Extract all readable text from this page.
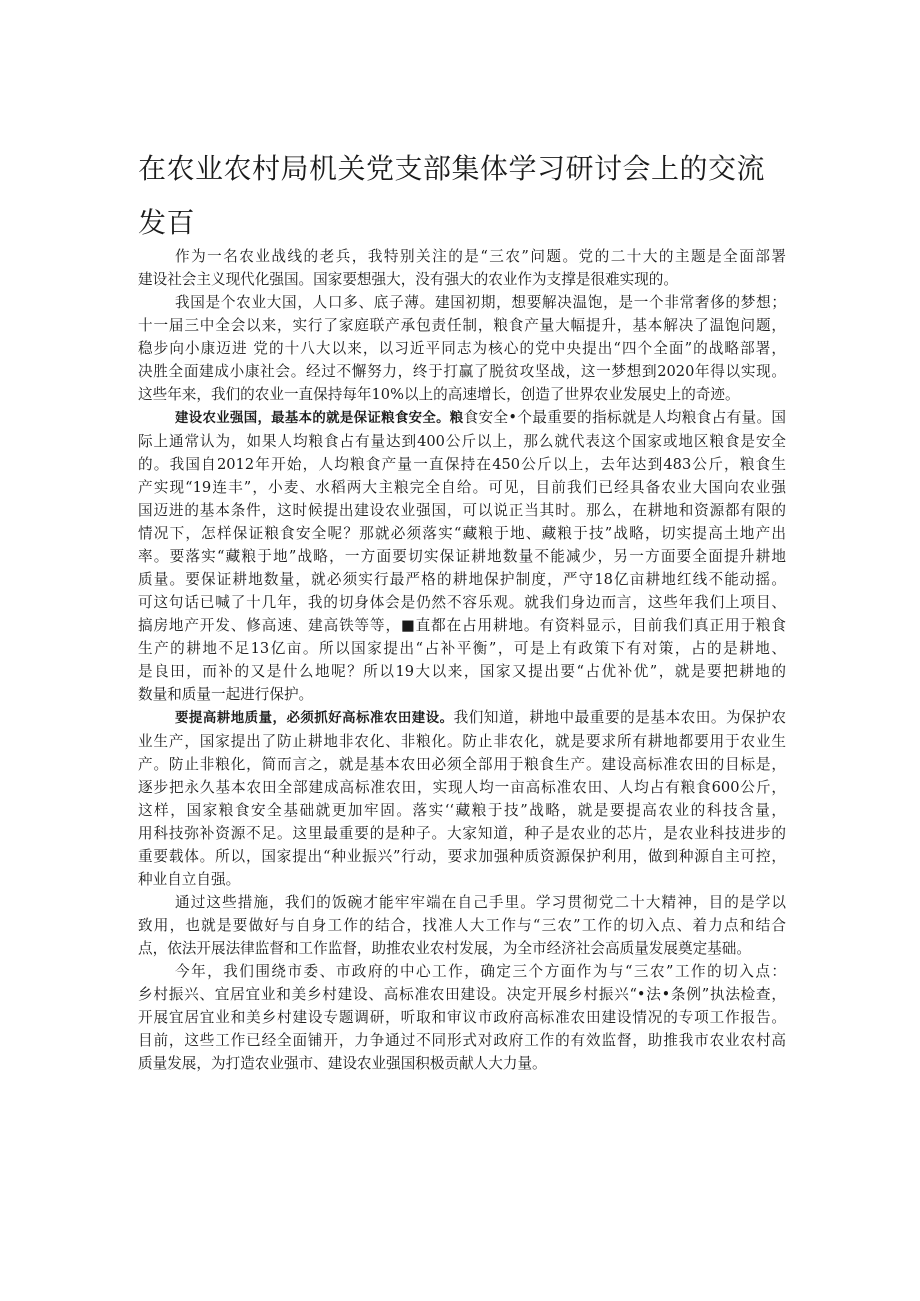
在农业农村局机关党支部集体学习研讨会上的交流
发百

作为一名农业战线的老兵，我特别关注的是“三农”问题。党的二十大的主题是全面部署
建设社会主义现代化强国。国家要想强大，没有强大的农业作为支撑是很难实现的。

我国是个农业大国，人口多、底子薄。建国初期，想要解决温饱，是一个非常奢侈的梦想；
十一届三中全会以来，实行了家庭联产承包责任制，粮食产量大幅提升，基本解决了温饱问题，
稳步向小康迈进 党的十八大以来，以习近平同志为核心的党中央提出“四个全面”的战略部署，
决胜全面建成小康社会。经过不懈努力，终于打赢了脱贫攻坚战，这一梦想到2020年得以实现。
这些年来，我们的农业一直保持每年10%以上的高速增长，创造了世界农业发展史上的奇迹。

建设农业强国，最基本的就是保证粮食安全。粮食安全•个最重要的指标就是人均粮食占有量。国
际上通常认为，如果人均粮食占有量达到400公斤以上，那么就代表这个国家或地区粮食是安全
的。我国自2012年开始，人均粮食产量一直保持在450公斤以上，去年达到483公斤，粮食生
产实现“19连丰”，小麦、水稻两大主粮完全自给。可见，目前我们已经具备农业大国向农业强
国迈进的基本条件，这时候提出建设农业强国，可以说正当其时。那么，在耕地和资源都有限的
情况下，怎样保证粮食安全呢？那就必须落实“藏粮于地、藏粮于技”战略，切实提高土地产出
率。要落实“藏粮于地”战略，一方面要切实保证耕地数量不能减少，另一方面要全面提升耕地
质量。要保证耕地数量，就必须实行最严格的耕地保护制度，严守18亿亩耕地红线不能动摇。
可这句话已喊了十几年，我的切身体会是仍然不容乐观。就我们身边而言，这些年我们上项目、
搞房地产开发、修高速、建高铁等等，■直都在占用耕地。有资料显示，目前我们真正用于粮食
生产的耕地不足13亿亩。所以国家提出“占补平衡”，可是上有政策下有对策，占的是耕地、
是良田，而补的又是什么地呢？所以19大以来，国家又提出要“占优补优”，就是要把耕地的
数量和质量一起进行保护。

要提高耕地质量，必须抓好高标准农田建设。我们知道，耕地中最重要的是基本农田。为保护农
业生产，国家提出了防止耕地非农化、非粮化。防止非农化，就是要求所有耕地都要用于农业生
产。防止非粮化，简而言之，就是基本农田必须全部用于粮食生产。建设高标准农田的目标是，
逐步把永久基本农田全部建成高标准农田，实现人均一亩高标准农田、人均占有粮食600公斤，
这样，国家粮食安全基础就更加牢固。落实‘‘藏粮于技”战略，就是要提高农业的科技含量，
用科技弥补资源不足。这里最重要的是种子。大家知道，种子是农业的芯片，是农业科技进步的
重要载体。所以，国家提出“种业振兴”行动，要求加强种质资源保护利用，做到种源自主可控，
种业自立自强。

通过这些措施，我们的饭碗才能牢牢端在自己手里。学习贯彻党二十大精神，目的是学以
致用，也就是要做好与自身工作的结合，找准人大工作与“三农”工作的切入点、着力点和结合
点，依法开展法律监督和工作监督，助推农业农村发展，为全市经济社会高质量发展奠定基础。

今年，我们围绕市委、市政府的中心工作，确定三个方面作为与“三农”工作的切入点：
乡村振兴、宜居宜业和美乡村建设、高标准农田建设。决定开展乡村振兴“•法•条例”执法检查，
开展宜居宜业和美乡村建设专题调研，听取和审议市政府高标准农田建设情况的专项工作报告。
目前，这些工作已经全面铺开，力争通过不同形式对政府工作的有效监督，助推我市农业农村高
质量发展，为打造农业强市、建设农业强国积极贡献人大力量。
